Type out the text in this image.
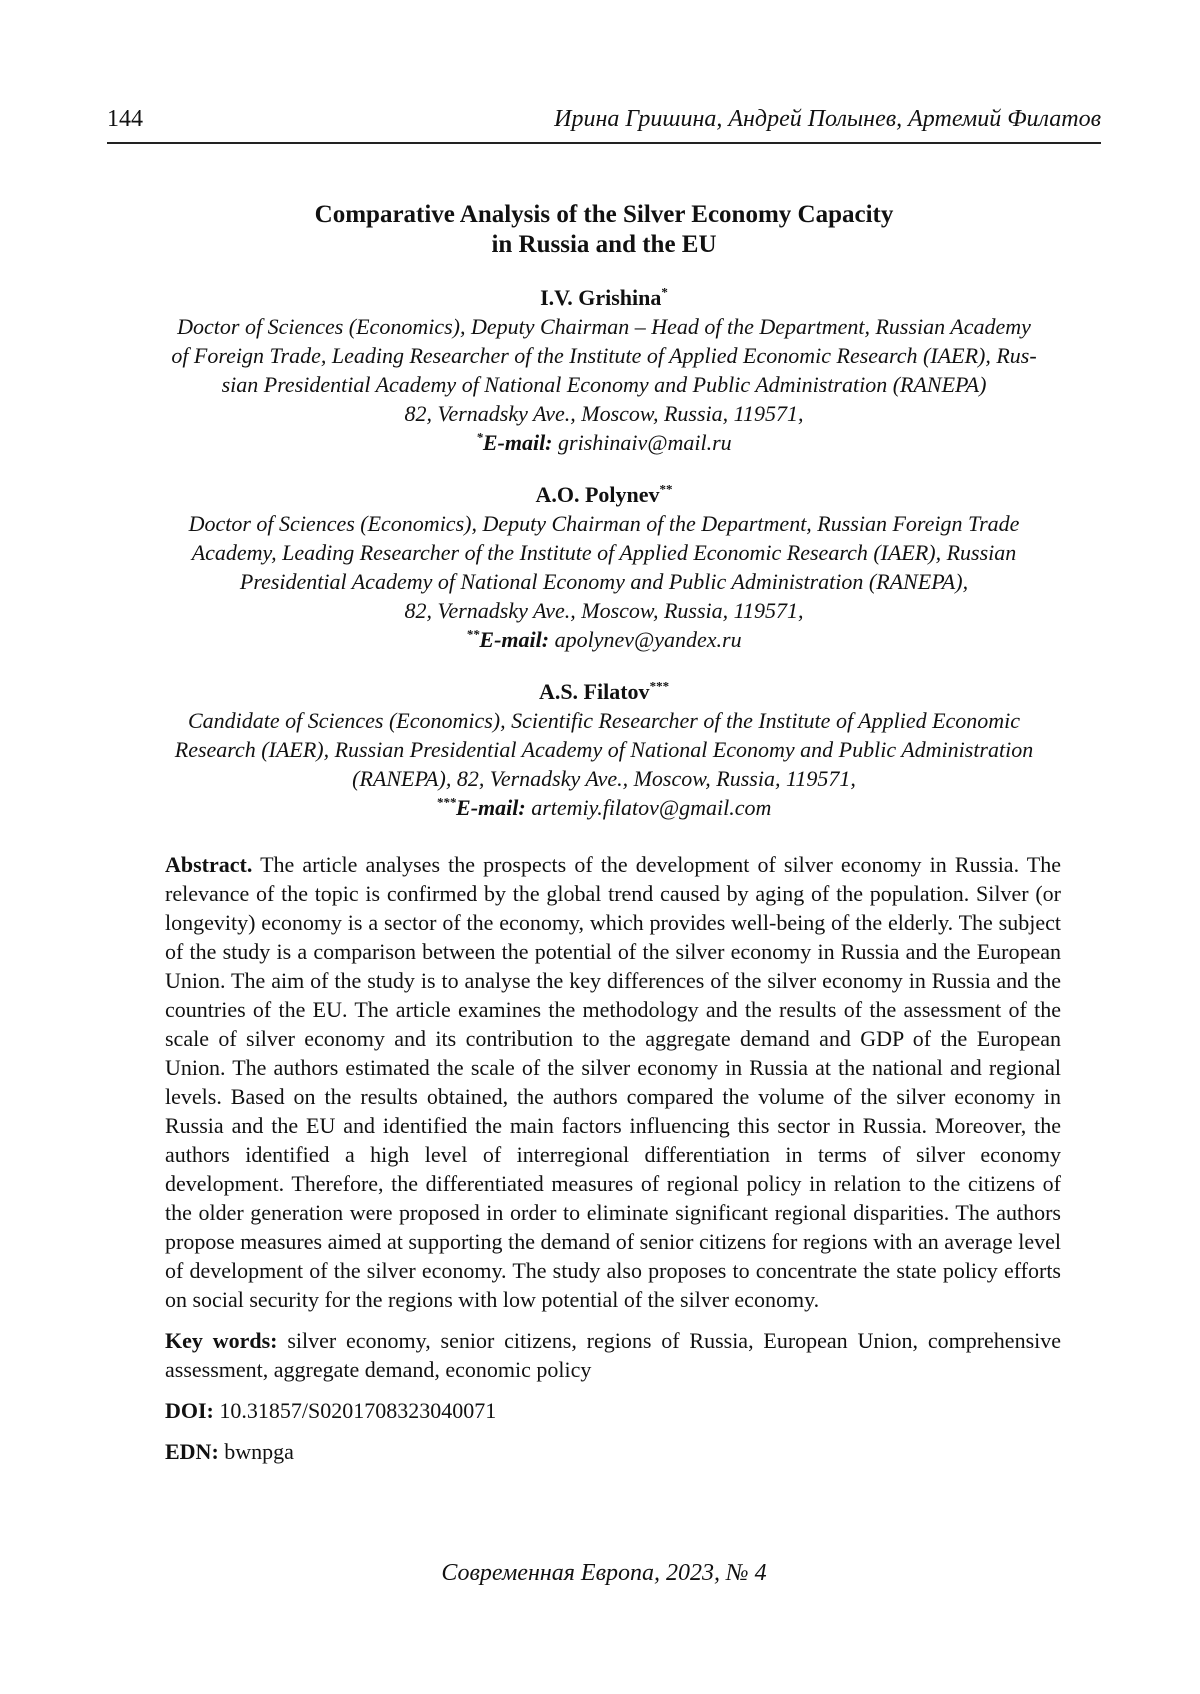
144	Ирина Гришина, Андрей Полынев, Артемий Филатов
Comparative Analysis of the Silver Economy Capacity
in Russia and the EU
I.V. Grishina*
Doctor of Sciences (Economics), Deputy Chairman – Head of the Department, Russian Academy
of Foreign Trade, Leading Researcher of the Institute of Applied Economic Research (IAER), Rus-
sian Presidential Academy of National Economy and Public Administration (RANEPA)
82, Vernadsky Ave., Moscow, Russia, 119571,
*E-mail: grishinaiv@mail.ru
A.O. Polynev**
Doctor of Sciences (Economics), Deputy Chairman of the Department, Russian Foreign Trade
Academy, Leading Researcher of the Institute of Applied Economic Research (IAER), Russian
Presidential Academy of National Economy and Public Administration (RANEPA),
82, Vernadsky Ave., Moscow, Russia, 119571,
**E-mail: apolynev@yandex.ru
A.S. Filatov***
Candidate of Sciences (Economics), Scientific Researcher of the Institute of Applied Economic
Research (IAER), Russian Presidential Academy of National Economy and Public Administration
(RANEPA), 82, Vernadsky Ave., Moscow, Russia, 119571,
***E-mail: artemiy.filatov@gmail.com

Abstract. The article analyses the prospects of the development of silver economy in Russia. The relevance of the topic is confirmed by the global trend caused by aging of the population. Silver (or longevity) economy is a sector of the economy, which provides well-being of the elderly. The subject of the study is a comparison between the potential of the silver economy in Russia and the European Union. The aim of the study is to analyse the key differences of the silver economy in Russia and the countries of the EU. The article examines the methodology and the results of the assessment of the scale of silver economy and its contribution to the aggregate demand and GDP of the European Union. The authors estimated the scale of the silver economy in Russia at the national and regional levels. Based on the results obtained, the authors compared the volume of the silver economy in Russia and the EU and identified the main factors influencing this sector in Russia. Moreover, the authors identified a high level of interregional differentiation in terms of silver economy development. Therefore, the differentiated measures of regional policy in relation to the citizens of the older generation were proposed in order to eliminate significant regional disparities. The authors propose measures aimed at supporting the demand of senior citizens for regions with an average level of development of the silver economy. The study also proposes to concentrate the state policy efforts on social security for the regions with low potential of the silver economy.

Key words: silver economy, senior citizens, regions of Russia, European Union, comprehensive assessment, aggregate demand, economic policy

DOI: 10.31857/S0201708323040071

EDN: bwnpga

Современная Европа, 2023, № 4
